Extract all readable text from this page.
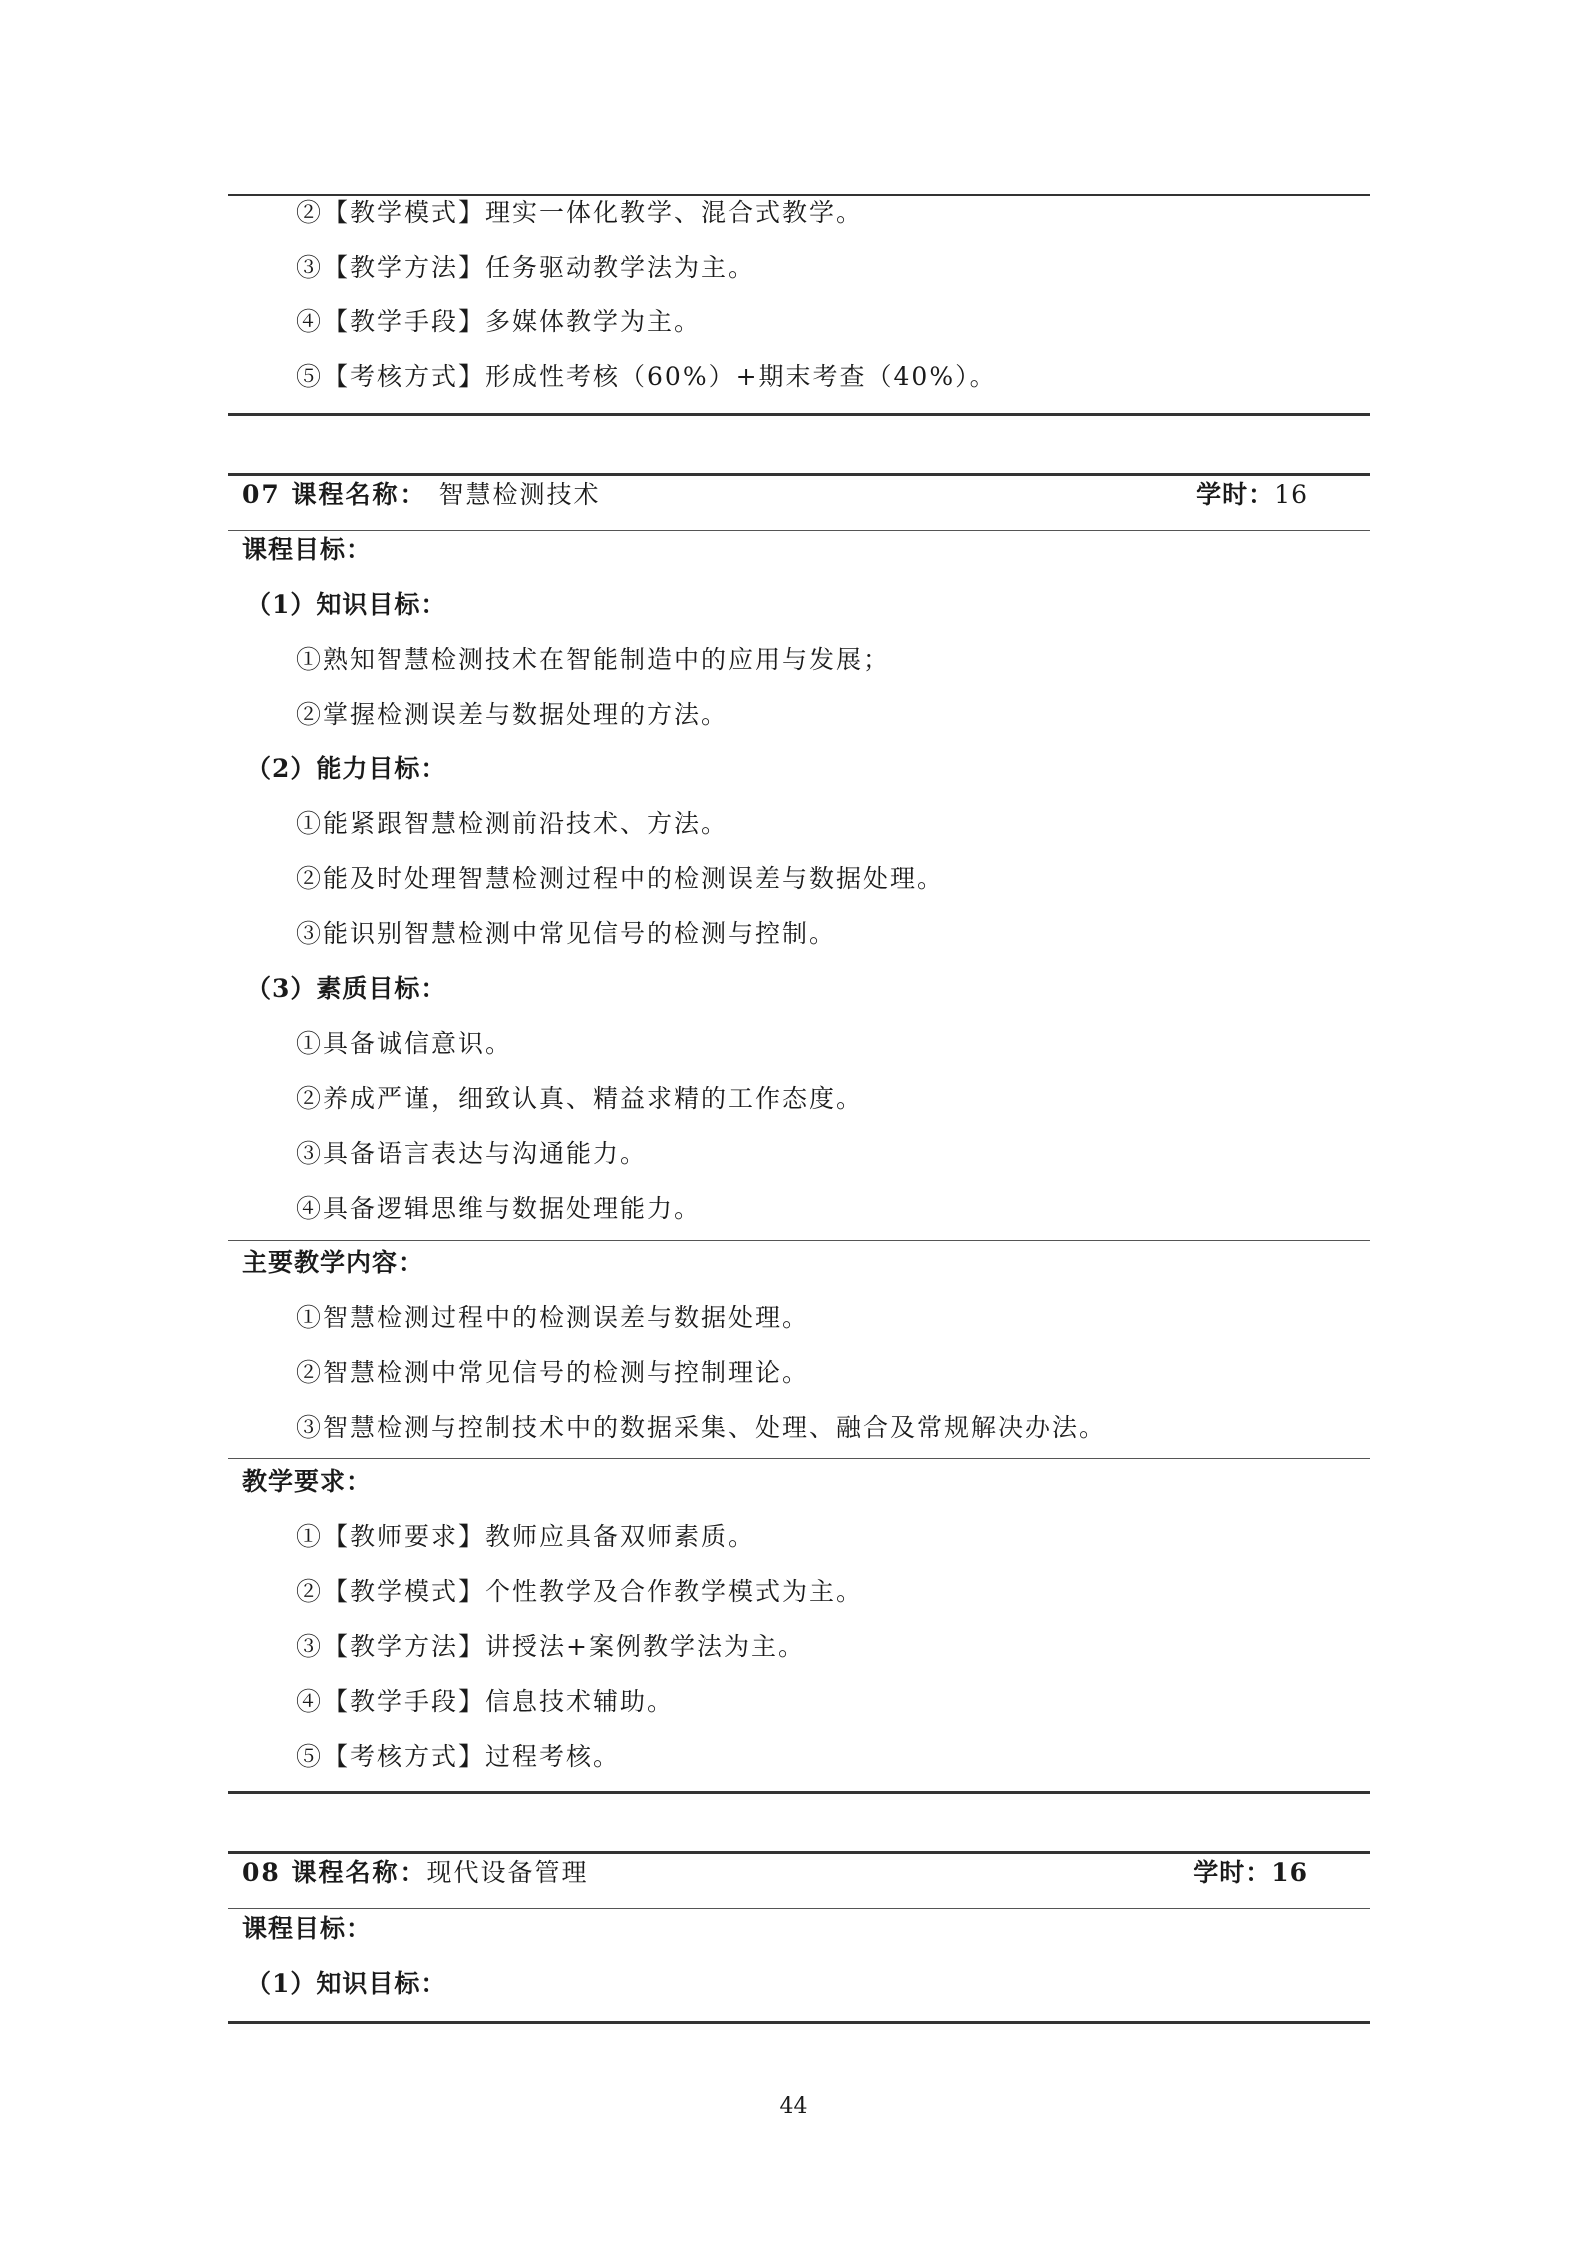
②【教学模式】理实一体化教学、混合式教学。
③【教学方法】任务驱动教学法为主。
④【教学手段】多媒体教学为主。
⑤【考核方式】形成性考核（60%）+期末考查（40%）。
07 课程名称： 智慧检测技术	学时：16
课程目标：
（1）知识目标：
①熟知智慧检测技术在智能制造中的应用与发展；
②掌握检测误差与数据处理的方法。
（2）能力目标：
①能紧跟智慧检测前沿技术、方法。
②能及时处理智慧检测过程中的检测误差与数据处理。
③能识别智慧检测中常见信号的检测与控制。
（3）素质目标：
①具备诚信意识。
②养成严谨，细致认真、精益求精的工作态度。
③具备语言表达与沟通能力。
④具备逻辑思维与数据处理能力。
主要教学内容：
①智慧检测过程中的检测误差与数据处理。
②智慧检测中常见信号的检测与控制理论。
③智慧检测与控制技术中的数据采集、处理、融合及常规解决办法。
教学要求：
①【教师要求】教师应具备双师素质。
②【教学模式】个性教学及合作教学模式为主。
③【教学方法】讲授法+案例教学法为主。
④【教学手段】信息技术辅助。
⑤【考核方式】过程考核。
08 课程名称：现代设备管理	学时：16
课程目标：
（1）知识目标：
44
